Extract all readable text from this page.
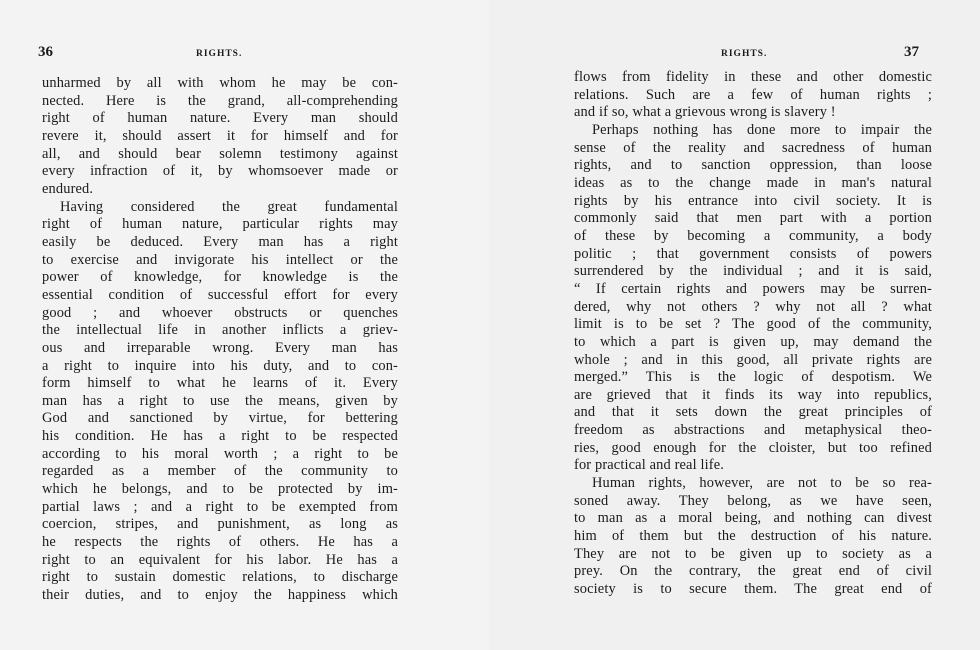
36	RIGHTS.
unharmed by all with whom he may be con-
nected. Here is the grand, all-comprehending
right of human nature. Every man should
revere it, should assert it for himself and for
all, and should bear solemn testimony against
every infraction of it, by whomsoever made or
endured.
Having considered the great fundamental
right of human nature, particular rights may
easily be deduced. Every man has a right
to exercise and invigorate his intellect or the
power of knowledge, for knowledge is the
essential condition of successful effort for every
good ; and whoever obstructs or quenches
the intellectual life in another inflicts a griev-
ous and irreparable wrong. Every man has
a right to inquire into his duty, and to con-
form himself to what he learns of it. Every
man has a right to use the means, given by
God and sanctioned by virtue, for bettering
his condition. He has a right to be respected
according to his moral worth ; a right to be
regarded as a member of the community to
which he belongs, and to be protected by im-
partial laws ; and a right to be exempted from
coercion, stripes, and punishment, as long as
he respects the rights of others. He has a
right to an equivalent for his labor. He has a
right to sustain domestic relations, to discharge
their duties, and to enjoy the happiness which
RIGHTS.	37
flows from fidelity in these and other domestic
relations. Such are a few of human rights ;
and if so, what a grievous wrong is slavery !
Perhaps nothing has done more to impair the
sense of the reality and sacredness of human
rights, and to sanction oppression, than loose
ideas as to the change made in man's natural
rights by his entrance into civil society. It is
commonly said that men part with a portion
of these by becoming a community, a body
politic ; that government consists of powers
surrendered by the individual ; and it is said,
“ If certain rights and powers may be surren-
dered, why not others ? why not all ? what
limit is to be set ? The good of the community,
to which a part is given up, may demand the
whole ; and in this good, all private rights are
merged.” This is the logic of despotism. We
are grieved that it finds its way into republics,
and that it sets down the great principles of
freedom as abstractions and metaphysical theo-
ries, good enough for the cloister, but too refined
for practical and real life.
Human rights, however, are not to be so rea-
soned away. They belong, as we have seen,
to man as a moral being, and nothing can divest
him of them but the destruction of his nature.
They are not to be given up to society as a
prey. On the contrary, the great end of civil
society is to secure them. The great end of
